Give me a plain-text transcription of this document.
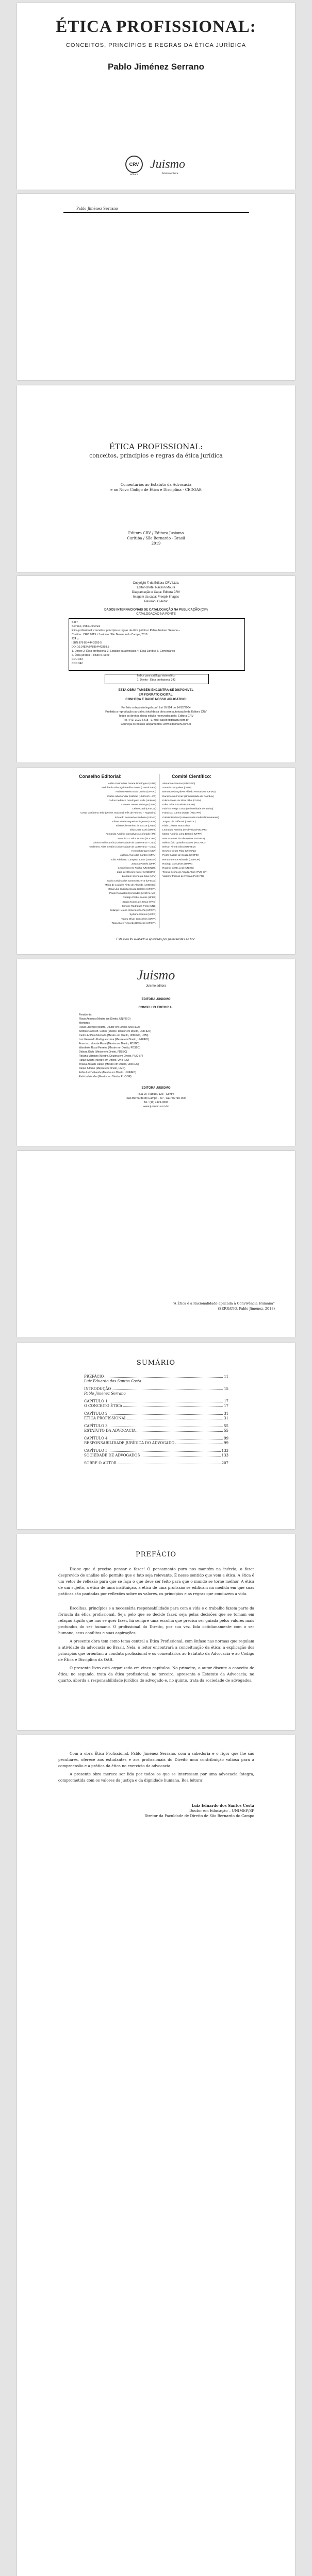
ÉTICA PROFISSIONAL:
CONCEITOS, PRINCÍPIOS E REGRAS DA ÉTICA JURÍDICA
Pablo Jiménez Serrano
CRV
editora
Juismo
Juismo.editora
Pablo Jiménez Serrano
ÉTICA PROFISSIONAL:
conceitos, princípios e regras da ética jurídica
Comentários ao Estatuto da Advocacia
e ao Novo Código de Ética e Disciplina - CEDOAB
Editora CRV / Editora Jusiomo
Curitiba / São Bernardo - Brasil
2019
Copyright © da Editora CRV Ltda.
Editor-chefe: Railson Moura
Diagramação e Capa: Editora CRV
Imagem da capa: Freepik Images
Revisão: O Autor
DADOS INTERNACIONAIS DE CATALOGAÇÃO NA PUBLICAÇÃO (CIP)
CATALOGAÇÃO NA FONTE
S487
Serrano, Pablo Jiménez
Ética profissional: conceitos, princípios e regras da ética jurídica / Pablo Jiménez Serrano –
Curitiba : CRV, 2019. / Jusiomo: São Bernardo do Campo, 2019.
224 p.
ISBN 978-85-444-3393-5
DOI 10.24824/978854443393.5
1. Direito 2. Ética profissional 3. Estatuto da advocacia 4. Ética Jurídica 5. Comentários
6. Ética jurídica I. Título II. Série
CDU 343
CDD 342
Índice para catálogo sistemático
1. Direito - Ética profissional 342
ESTA OBRA TAMBÉM ENCONTRA-SE DISPONÍVEL
EM FORMATO DIGITAL.
CONHEÇA E BAIXE NOSSO APLICATIVO!
Foi feito o depósito legal conf. Lei 10.994 de 14/12/2004
Proibida a reprodução parcial ou total desta obra sem autorização da Editora CRV
Todos os direitos desta edição reservados pela: Editora CRV
Tel.: (41) 3039-6418 - E-mail: sac@editoracrv.com.br
Conheça os nossos lançamentos: www.editoracrv.com.br
Conselho Editorial:	Comitê Científico:
Aldira Guimarães Duarte Domínguez (UNB)
Andréia da Silva Quintanilha Sousa (UNIR/UFRN)
Antônio Pereira Gaio Júnior (UFRRJ)
Carlos Alberto Vilar Estêvão (UMINHO – PT)
Carlos Federico Domínguez Avila (Unieuro)
Carmen Tereza Velanga (UNIR)
Celso Conti (UFSCar)
Cesar Gerónimo Tello (Univer. Nacional Três de Febrero – Argentina)
Eduardo Fernandes Barbosa (UFMG)
Elione Maria Nogueira Diogenes (UFAL)
Elizeu Clementino de Souza (UNEB)
Élsio José Corá (UFFS)
Fernando Antônio Gonçalves Alcoforado (IPB)
Francisco Carlos Duarte (PUC-PR)
Gloria Fariñas León (Universidade de La Havana – Cuba)
Guillermo Arias Beatón (Universidade de La Havana – Cuba)
Helmuth Krüger (UCP)
Jailson Alves dos Santos (UFRJ)
João Adalberto Campato Junior (UNESP)
Josania Portela (UFPI)
Leonel Severo Rocha (UNISINOS)
Lídia de Oliveira Xavier (UNIEURO)
Lourdes Helena da Silva (UFV)
Maria Cristina dos Santos Bezerra (UFSCar)
Maria de Lourdes Pinto de Almeida (UNOESC)
Maria Lília Imbiriba Sousa Colares (UFOPA)
Paulo Romualdo Hernandes (UNIFAL-MG)
Rodrigo Pratte-Santos (UFES)
Sérgio Nunes de Jesus (IFRO)
Simone Rodrigues Pinto (UNB)
Solange Helena Ximenes-Rocha (UFOPA)
Sydione Santos (UEPG)
Tadeu Oliver Gonçalves (UFPA)
Tania Suely Azevedo Brasileiro (UFOPA)
Alexandre Sanson (UNIFIEO)
Antonio Gonçalves (UNIP)
Bernardo Gonçalves Alfredo Fernandes (UFMG)
Daniel Amin Ferraz (Universidade de Coimbra)
Edson Vieira da Silva Filho (FDSM)
Erika Juliana Dmitruk (UFPR)
Fabrício Veiga Costa (Universidade de Itaúna)
Francisco Carlos Duarte (PUC-PR)
Gabriel Rached (Universidade Federal Fluminense)
Jorge Luiz Zaffaroni (UNISUL)
Kátia Cristina Staut Silva
Leonardo Ferreira de Oliveira (PUC-PR)
Marco Antônio Lima Berberi (UFPR)
Marcos Alves da Silva (UNICURITIBA)
Mário Lúcio Quintão Soares (PUC-MG)
Nelson Finotti Silva (UNIVEM)
Newton César Pilau (UNIVALI)
Pedro Bastos de Souza (UNIFEI)
Renato Lemos Miranda (UNIFOR)
Rodrigo Gonçalves (UFPR)
Rogério Gesta Leal (UNISC)
Teresa Celina de Arruda Alvim (PUC-SP)
Vladimir Passos de Freitas (PUC-PR)
Este livro foi avaliado e aprovado por pareceristas ad hoc.
Juismo
Juismo.editora
EDITORA JUSIOMO
CONSELHO EDITORIAL
Presidente:
Flávio Antunes (Mestre em Direito, UNIFIEO)
Membros:
Flávio Lorenço (Mestre, Doutor em Direito, UNIFIEO)
Antônio Carlos B. Carlos (Mestre, Doutor em Direito, UNIFIEO)
Carlos Antônio Mercado (Mestre em Direito, UNIFIEO, UPM)
Luiz Fernando Rodrigues Lima (Mestre em Direito, UNIFIEO)
Francisco Vicente Rossi (Mestre em Direito, FDSBC)
Wanderlei Rossi Ferreira (Mestre em Direito, FDSBC)
Débora Giolo (Mestre em Direito, FDSBC)
Rosana Marques (Mestre, Doutora em Direito, PUC-SP)
Rafael Souza (Mestre em Direito, UNIFIEO)
Thaísa Zoraide Daniel (Mestre em Direito, UNIFIEO)
Daniel Adorno (Mestre em Direito, UMC)
Fábio Luiz Valverde (Mestre em Direito, UNIFIEO)
Patrícia Mendes (Mestre em Direito, PUC-SP)
EDITORA JUSIOMO
Rua Dr. Fláquer, 123 - Centro
São Bernardo do Campo - SP - CEP 09710-000
Tel.: (11) 4121-0000
www.jusiomo.com.br
“A Ética é a Racionalidade aplicada à Convivência Humana”
(SERRANO, Pablo Jiménez, 2018)
SUMÁRIO
PREFÁCIO	11
Luiz Eduardo dos Santos Costa
INTRODUÇÃO	15
Pablo Jiménez Serrano
CAPÍTULO 1	17
O CONCEITO ÉTICA	17
CAPÍTULO 2	31
ÉTICA PROFISSIONAL	31
CAPÍTULO 3	55
ESTATUTO DA ADVOCACIA	55
CAPÍTULO 4	99
RESPONSABILIDADE JURÍDICA DO ADVOGADO	99
CAPÍTULO 5	133
SOCIEDADE DE ADVOGADOS	133
SOBRE O AUTOR	207
PREFÁCIO
Diz-se que é preciso pensar e fazer! O pensamento puro nos mantém na inércia; o fazer desprovido de análise não permite que o fato seja relevante. É nesse sentido que vem a ética. A ética é um vetor de reflexão para que se faça o que deve ser feito para que o mundo se torne melhor. A ética de um sujeito, a ética de uma instituição, a ética de uma profissão se edificam na medida em que suas práticas são pautadas por reflexões sobre os valores, os princípios e as regras que conduzem a vida.
Escolhas, princípios e a necessária responsabilidade para com a vida e o trabalho fazem parte da fórmula da ética profissional. Seja pelo que se decide fazer, seja pelas decisões que se tomam em relação àquilo que não se quer fazer, há sempre uma escolha que precisa ser guiada pelos valores mais profundos do ser humano. O profissional do Direito, por sua vez, lida cotidianamente com o ser humano, seus conflitos e suas aspirações.
A presente obra tem como tema central a Ética Profissional, com ênfase nas normas que regulam a atividade da advocacia no Brasil. Nela, o leitor encontrará a conceituação da ética, a explicação dos princípios que orientam a conduta profissional e os comentários ao Estatuto da Advocacia e ao Código de Ética e Disciplina da OAB.
O presente livro está organizado em cinco capítulos. No primeiro, o autor discute o conceito de ética; no segundo, trata da ética profissional; no terceiro, apresenta o Estatuto da Advocacia; no quarto, aborda a responsabilidade jurídica do advogado e, no quinto, trata da sociedade de advogados.
Com a obra Ética Profissional, Pablo Jiménez Serrano, com a sabedoria e o rigor que lhe são peculiares, oferece aos estudantes e aos profissionais do Direito uma contribuição valiosa para a compreensão e a prática da ética no exercício da advocacia.
A presente obra merece ser lida por todos os que se interessam por uma advocacia íntegra, comprometida com os valores da justiça e da dignidade humana. Boa leitura!
Luiz Eduardo dos Santos Costa
Doutor em Educação – UNIMEP/SP
Diretor da Faculdade de Direito de São Bernardo do Campo
